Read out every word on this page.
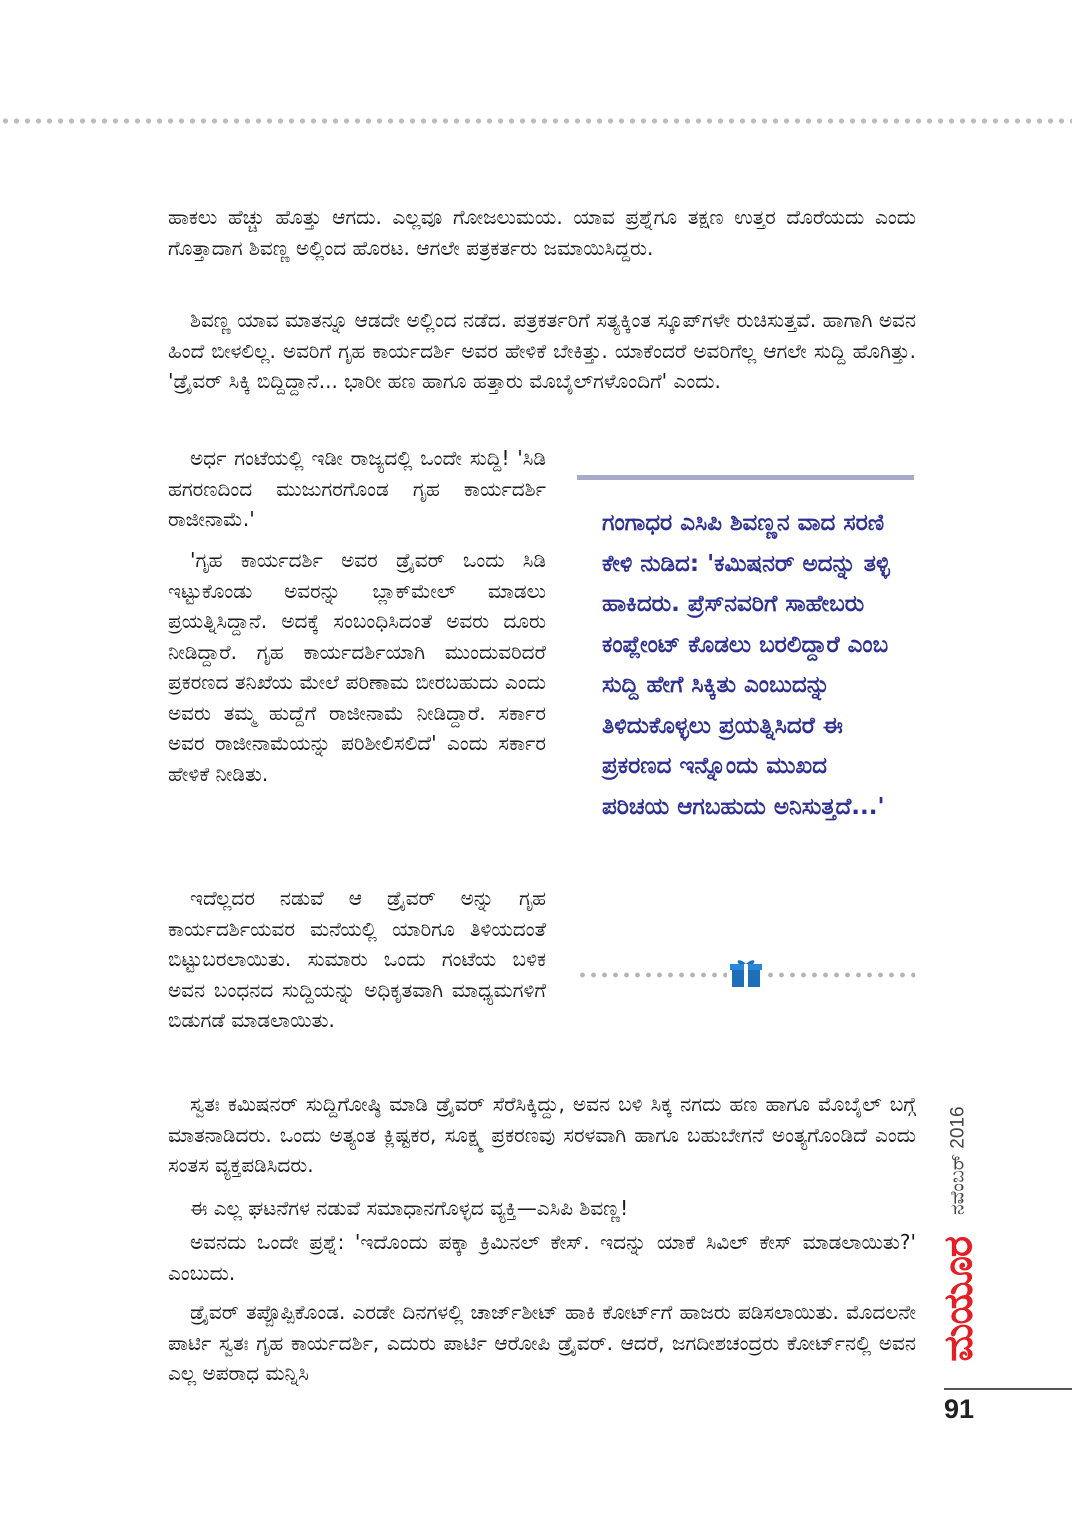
ಹಾಕಲು ಹೆಚ್ಚು ಹೊತ್ತು ಆಗದು. ಎಲ್ಲವೂ ಗೋಜಲುಮಯ. ಯಾವ ಪ್ರಶ್ನೆಗೂ ತಕ್ಷಣ ಉತ್ತರ ದೊರೆಯದು ಎಂದು ಗೊತ್ತಾದಾಗ ಶಿವಣ್ಣ ಅಲ್ಲಿಂದ ಹೊರಟ. ಆಗಲೇ ಪತ್ರಕರ್ತರು ಜಮಾಯಿಸಿದ್ದರು.

ಶಿವಣ್ಣ ಯಾವ ಮಾತನ್ನೂ ಆಡದೇ ಅಲ್ಲಿಂದ ನಡೆದ. ಪತ್ರಕರ್ತರಿಗೆ ಸತ್ಯಕ್ಕಿಂತ ಸ್ಕೂಪ್‌ಗಳೇ ರುಚಿಸುತ್ತವೆ. ಹಾಗಾಗಿ ಅವನ ಹಿಂದೆ ಬೀಳಲಿಲ್ಲ. ಅವರಿಗೆ ಗೃಹ ಕಾರ್ಯದರ್ಶಿ ಅವರ ಹೇಳಿಕೆ ಬೇಕಿತ್ತು. ಯಾಕೆಂದರೆ ಅವರಿಗೆಲ್ಲ ಆಗಲೇ ಸುದ್ದಿ ಹೊಗಿತ್ತು. 'ಡ್ರೈವರ್ ಸಿಕ್ಕಿ ಬಿದ್ದಿದ್ದಾನೆ... ಭಾರೀ ಹಣ ಹಾಗೂ ಹತ್ತಾರು ಮೊಬೈಲ್‌ಗಳೊಂದಿಗೆ' ಎಂದು.

ಅರ್ಧ ಗಂಟೆಯಲ್ಲಿ ಇಡೀ ರಾಜ್ಯದಲ್ಲಿ ಒಂದೇ ಸುದ್ದಿ! 'ಸಿಡಿ ಹಗರಣದಿಂದ ಮುಜುಗರಗೊಂಡ ಗೃಹ ಕಾರ್ಯದರ್ಶಿ ರಾಜೀನಾಮೆ.'

'ಗೃಹ ಕಾರ್ಯದರ್ಶಿ ಅವರ ಡ್ರೈವರ್ ಒಂದು ಸಿಡಿ ಇಟ್ಟುಕೊಂಡು ಅವರನ್ನು ಬ್ಲಾಕ್‌ಮೇಲ್ ಮಾಡಲು ಪ್ರಯತ್ನಿಸಿದ್ದಾನೆ. ಅದಕ್ಕೆ ಸಂಬಂಧಿಸಿದಂತೆ ಅವರು ದೂರು ನೀಡಿದ್ದಾರೆ. ಗೃಹ ಕಾರ್ಯದರ್ಶಿಯಾಗಿ ಮುಂದುವರಿದರೆ ಪ್ರಕರಣದ ತನಿಖೆಯ ಮೇಲೆ ಪರಿಣಾಮ ಬೀರಬಹುದು ಎಂದು ಅವರು ತಮ್ಮ ಹುದ್ದೆಗೆ ರಾಜೀನಾಮೆ ನೀಡಿದ್ದಾರೆ. ಸರ್ಕಾರ ಅವರ ರಾಜೀನಾಮೆಯನ್ನು ಪರಿಶೀಲಿಸಲಿದೆ' ಎಂದು ಸರ್ಕಾರ ಹೇಳಿಕೆ ನೀಡಿತು.

ಇದೆಲ್ಲದರ ನಡುವೆ ಆ ಡ್ರೈವರ್ ಅನ್ನು ಗೃಹ ಕಾರ್ಯದರ್ಶಿಯವರ ಮನೆಯಲ್ಲಿ ಯಾರಿಗೂ ತಿಳಿಯದಂತೆ ಬಿಟ್ಟುಬರಲಾಯಿತು. ಸುಮಾರು ಒಂದು ಗಂಟೆಯ ಬಳಿಕ ಅವನ ಬಂಧನದ ಸುದ್ದಿಯನ್ನು ಅಧಿಕೃತವಾಗಿ ಮಾಧ್ಯಮಗಳಿಗೆ ಬಿಡುಗಡೆ ಮಾಡಲಾಯಿತು.

ಸ್ವತಃ ಕಮಿಷನರ್ ಸುದ್ದಿಗೋಷ್ಠಿ ಮಾಡಿ ಡ್ರೈವರ್ ಸೆರೆಸಿಕ್ಕಿದ್ದು, ಅವನ ಬಳಿ ಸಿಕ್ಕ ನಗದು ಹಣ ಹಾಗೂ ಮೊಬೈಲ್ ಬಗ್ಗೆ ಮಾತನಾಡಿದರು. ಒಂದು ಅತ್ಯಂತ ಕ್ಲಿಷ್ಟಕರ, ಸೂಕ್ಷ್ಮ ಪ್ರಕರಣವು ಸರಳವಾಗಿ ಹಾಗೂ ಬಹುಬೇಗನೆ ಅಂತ್ಯಗೊಂಡಿದೆ ಎಂದು ಸಂತಸ ವ್ಯಕ್ತಪಡಿಸಿದರು.

ಈ ಎಲ್ಲ ಘಟನೆಗಳ ನಡುವೆ ಸಮಾಧಾನಗೊಳ್ಳದ ವ್ಯಕ್ತಿ—ಎಸಿಪಿ ಶಿವಣ್ಣ!

ಅವನದು ಒಂದೇ ಪ್ರಶ್ನೆ: 'ಇದೊಂದು ಪಕ್ಕಾ ಕ್ರಿಮಿನಲ್ ಕೇಸ್. ಇದನ್ನು ಯಾಕೆ ಸಿವಿಲ್ ಕೇಸ್ ಮಾಡಲಾಯಿತು?' ಎಂಬುದು.

ಡ್ರೈವರ್ ತಪ್ಪೊಪ್ಪಿಕೊಂಡ. ಎರಡೇ ದಿನಗಳಲ್ಲಿ ಚಾರ್ಜ್‌ಶೀಟ್ ಹಾಕಿ ಕೋರ್ಟ್‌ಗೆ ಹಾಜರು ಪಡಿಸಲಾಯಿತು. ಮೊದಲನೇ ಪಾರ್ಟಿ ಸ್ವತಃ ಗೃಹ ಕಾರ್ಯದರ್ಶಿ, ಎದುರು ಪಾರ್ಟಿ ಆರೋಪಿ ಡ್ರೈವರ್. ಆದರೆ, ಜಗದೀಶಚಂದ್ರರು ಕೋರ್ಟ್‌ನಲ್ಲಿ ಅವನ ಎಲ್ಲ ಅಪರಾಧ ಮನ್ನಿಸಿ

ಗಂಗಾಧರ ಎಸಿಪಿ ಶಿವಣ್ಣನ ವಾದ ಸರಣಿ ಕೇಳಿ ನುಡಿದ: 'ಕಮಿಷನರ್ ಅದನ್ನು ತಳ್ಳಿ ಹಾಕಿದರು. ಪ್ರೆಸ್‌ನವರಿಗೆ ಸಾಹೇಬರು ಕಂಪ್ಲೇಂಟ್ ಕೊಡಲು ಬರಲಿದ್ದಾರೆ ಎಂಬ ಸುದ್ದಿ ಹೇಗೆ ಸಿಕ್ಕಿತು ಎಂಬುದನ್ನು ತಿಳಿದುಕೊಳ್ಳಲು ಪ್ರಯತ್ನಿಸಿದರೆ ಈ ಪ್ರಕರಣದ ಇನ್ನೊಂದು ಮುಖದ ಪರಿಚಯ ಆಗಬಹುದು ಅನಿಸುತ್ತದೆ...'

ಮಯೂರ
ನವೆಂಬರ್ 2016
91
